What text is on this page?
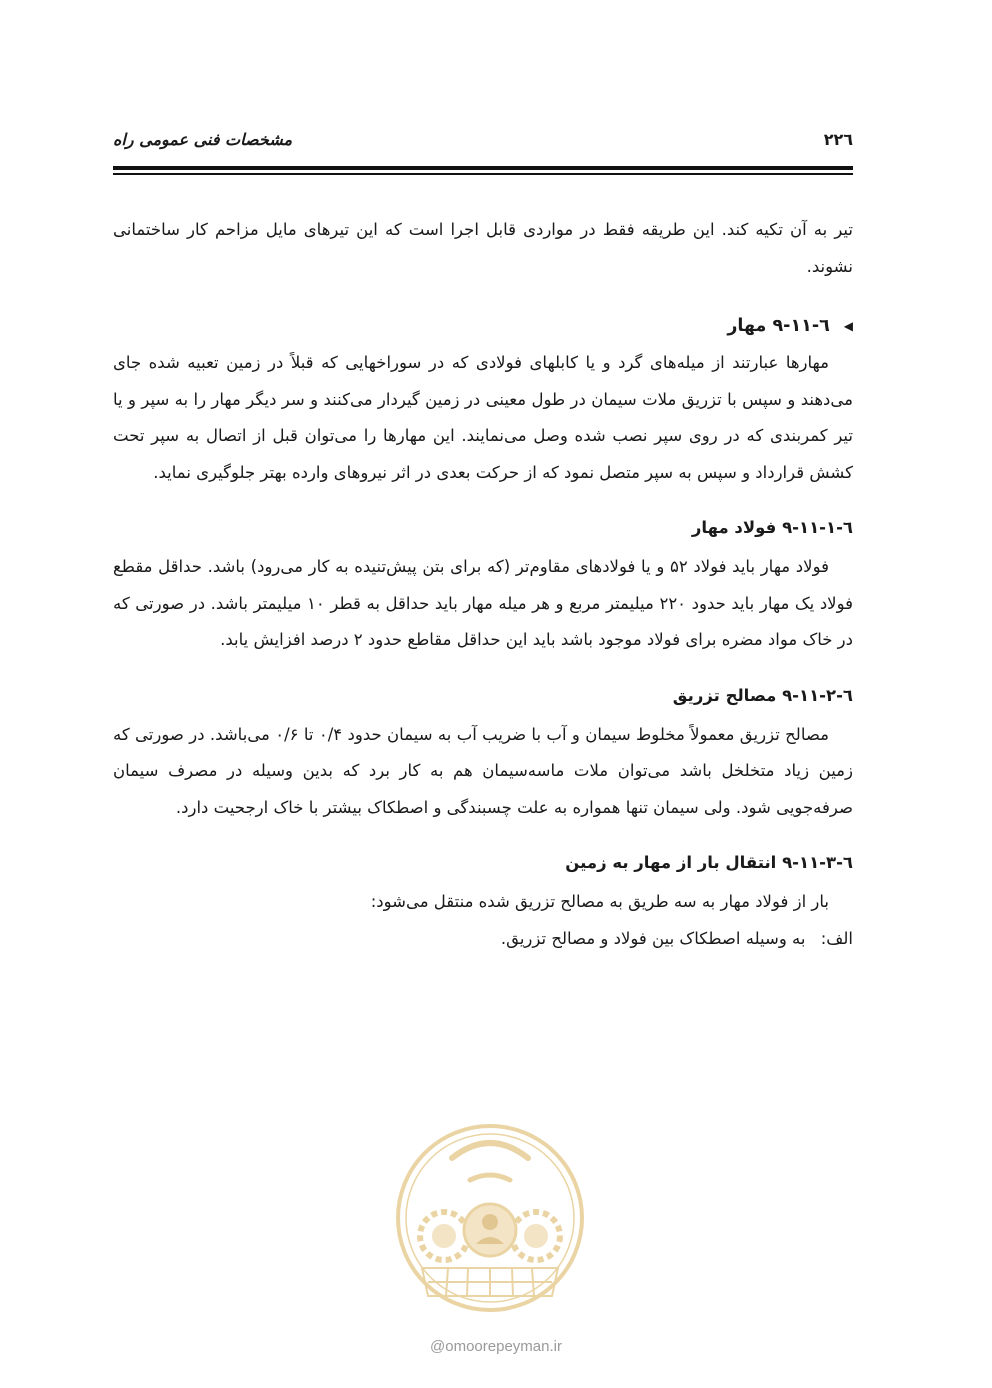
۲۲٦
مشخصات فنی عمومی راه

تیر به آن تکیه کند. این طریقه فقط در مواردی قابل اجرا است که این تیرهای مایل مزاحم کار ساختمانی نشوند.

◀
٦-۹-۱۱ مهار

مهارها عبارتند از میله‌های گرد و یا کابلهای فولادی که در سوراخهایی که قبلاً در زمین تعبیه شده جای می‌دهند و سپس با تزریق ملات سیمان در طول معینی در زمین گیردار می‌کنند و سر دیگر مهار را به سپر و یا تیر کمربندی که در روی سپر نصب شده وصل می‌نمایند. این مهارها را می‌توان قبل از اتصال به سپر تحت کشش قرارداد و سپس به سپر متصل نمود که از حرکت بعدی در اثر نیروهای وارده بهتر جلوگیری نماید.

٦-۹-۱۱-۱ فولاد مهار

فولاد مهار باید فولاد ۵۲ و یا فولادهای مقاوم‌تر (که برای بتن پیش‌تنیده به کار می‌رود) باشد. حداقل مقطع فولاد یک مهار باید حدود ۲۲۰ میلیمتر مربع و هر میله مهار باید حداقل به قطر ۱۰ میلیمتر باشد. در صورتی که در خاک مواد مضره برای فولاد موجود باشد باید این حداقل مقاطع حدود ۲ درصد افزایش یابد.

٦-۹-۱۱-۲ مصالح تزریق

مصالح تزریق معمولاً مخلوط سیمان و آب با ضریب آب به سیمان حدود ۰/۴ تا ۰/۶ می‌باشد. در صورتی که زمین زیاد متخلخل باشد می‌توان ملات ماسه‌سیمان هم به کار برد که بدین وسیله در مصرف سیمان صرفه‌جویی شود. ولی سیمان تنها همواره به علت چسبندگی و اصطکاک بیشتر با خاک ارجحیت دارد.

٦-۹-۱۱-۳ انتقال بار از مهار به زمین

بار از فولاد مهار به سه طریق به مصالح تزریق شده منتقل می‌شود:

الف: به وسیله اصطکاک بین فولاد و مصالح تزریق.

@omoorepeyman.ir
